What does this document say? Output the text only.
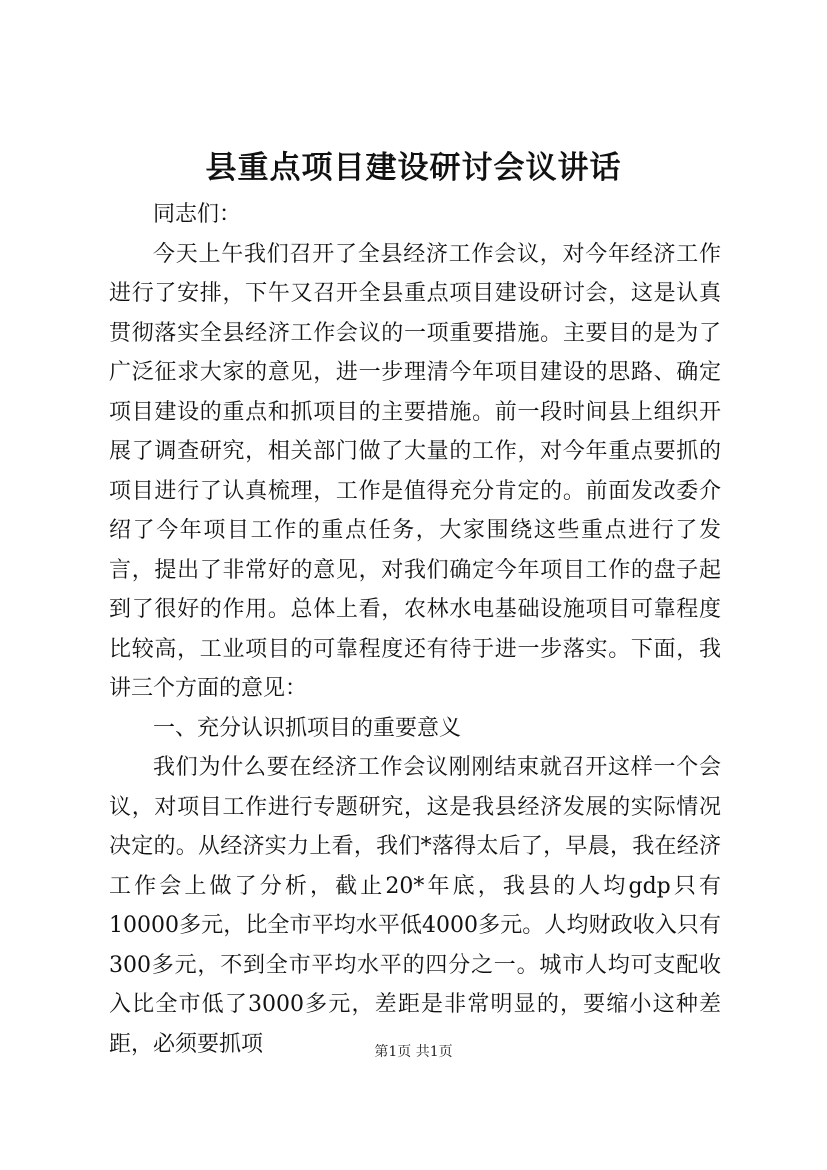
县重点项目建设研讨会议讲话

同志们：

今天上午我们召开了全县经济工作会议，对今年经济工作进行了安排，下午又召开全县重点项目建设研讨会，这是认真贯彻落实全县经济工作会议的一项重要措施。主要目的是为了广泛征求大家的意见，进一步理清今年项目建设的思路、确定项目建设的重点和抓项目的主要措施。前一段时间县上组织开展了调查研究，相关部门做了大量的工作，对今年重点要抓的项目进行了认真梳理，工作是值得充分肯定的。前面发改委介绍了今年项目工作的重点任务，大家围绕这些重点进行了发言，提出了非常好的意见，对我们确定今年项目工作的盘子起到了很好的作用。总体上看，农林水电基础设施项目可靠程度比较高，工业项目的可靠程度还有待于进一步落实。下面，我讲三个方面的意见：

一、充分认识抓项目的重要意义

我们为什么要在经济工作会议刚刚结束就召开这样一个会议，对项目工作进行专题研究，这是我县经济发展的实际情况决定的。从经济实力上看，我们*落得太后了，早晨，我在经济工作会上做了分析，截止20*年底，我县的人均gdp只有10000多元，比全市平均水平低4000多元。人均财政收入只有300多元，不到全市平均水平的四分之一。城市人均可支配收入比全市低了3000多元，差距是非常明显的，要缩小这种差距，必须要抓项	第1页 共1页
